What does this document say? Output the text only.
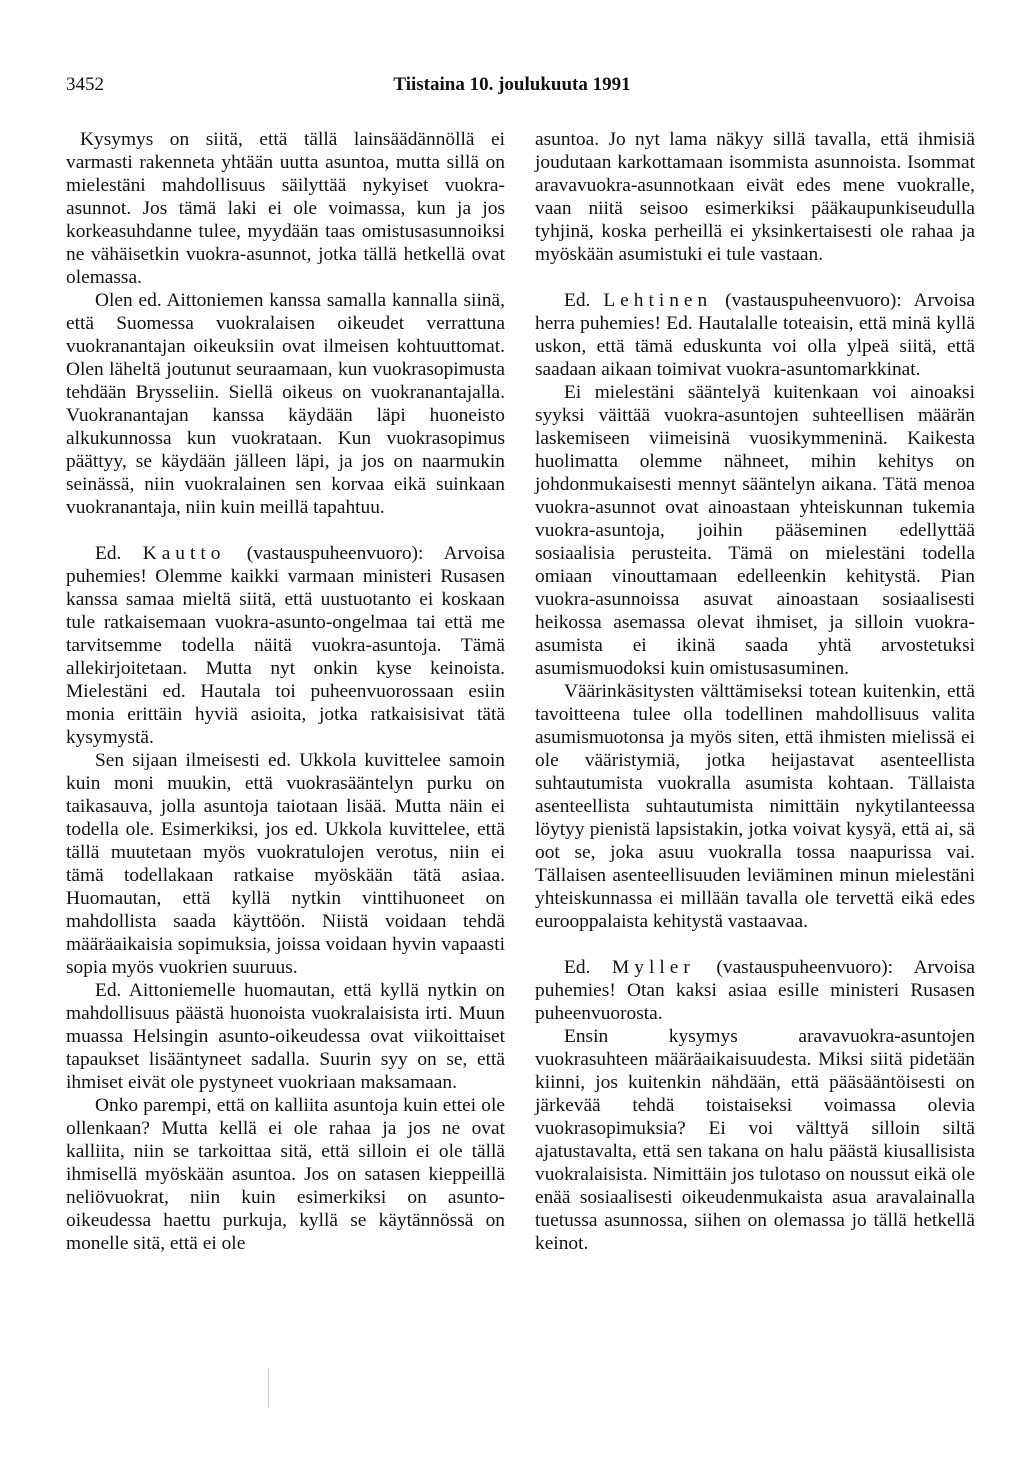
3452	Tiistaina 10. joulukuuta 1991

Kysymys on siitä, että tällä lainsäädännöllä ei varmasti rakenneta yhtään uutta asuntoa, mutta sillä on mielestäni mahdollisuus säilyttää nykyiset vuokra-asunnot. Jos tämä laki ei ole voimassa, kun ja jos korkeasuhdanne tulee, myydään taas omistusasunnoiksi ne vähäisetkin vuokra-asunnot, jotka tällä hetkellä ovat olemassa.

Olen ed. Aittoniemen kanssa samalla kannalla siinä, että Suomessa vuokralaisen oikeudet verrattuna vuokranantajan oikeuksiin ovat ilmeisen kohtuuttomat. Olen läheltä joutunut seuraamaan, kun vuokrasopimusta tehdään Brysseliin. Siellä oikeus on vuokranantajalla. Vuokranantajan kanssa käydään läpi huoneisto alkukunnossa kun vuokrataan. Kun vuokrasopimus päättyy, se käydään jälleen läpi, ja jos on naarmukin seinässä, niin vuokralainen sen korvaa eikä suinkaan vuokranantaja, niin kuin meillä tapahtuu.

Ed. Kautto (vastauspuheenvuoro): Arvoisa puhemies! Olemme kaikki varmaan ministeri Rusasen kanssa samaa mieltä siitä, että uustuotanto ei koskaan tule ratkaisemaan vuokra-asunto-ongelmaa tai että me tarvitsemme todella näitä vuokra-asuntoja. Tämä allekirjoitetaan. Mutta nyt onkin kyse keinoista. Mielestäni ed. Hautala toi puheenvuorossaan esiin monia erittäin hyviä asioita, jotka ratkaisisivat tätä kysymystä.

Sen sijaan ilmeisesti ed. Ukkola kuvittelee samoin kuin moni muukin, että vuokrasääntelyn purku on taikasauva, jolla asuntoja taiotaan lisää. Mutta näin ei todella ole. Esimerkiksi, jos ed. Ukkola kuvittelee, että tällä muutetaan myös vuokratulojen verotus, niin ei tämä todellakaan ratkaise myöskään tätä asiaa. Huomautan, että kyllä nytkin vinttihuoneet on mahdollista saada käyttöön. Niistä voidaan tehdä määräaikaisia sopimuksia, joissa voidaan hyvin vapaasti sopia myös vuokrien suuruus.

Ed. Aittoniemelle huomautan, että kyllä nytkin on mahdollisuus päästä huonoista vuokralaisista irti. Muun muassa Helsingin asunto-oikeudessa ovat viikoittaiset tapaukset lisääntyneet sadalla. Suurin syy on se, että ihmiset eivät ole pystyneet vuokriaan maksamaan.

Onko parempi, että on kalliita asuntoja kuin ettei ole ollenkaan? Mutta kellä ei ole rahaa ja jos ne ovat kalliita, niin se tarkoittaa sitä, että silloin ei ole tällä ihmisellä myöskään asuntoa. Jos on satasen kieppeillä neliövuokrat, niin kuin esimerkiksi on asunto-oikeudessa haettu purkuja, kyllä se käytännössä on monelle sitä, että ei ole

asuntoa. Jo nyt lama näkyy sillä tavalla, että ihmisiä joudutaan karkottamaan isommista asunnoista. Isommat aravavuokra-asunnotkaan eivät edes mene vuokralle, vaan niitä seisoo esimerkiksi pääkaupunkiseudulla tyhjinä, koska perheillä ei yksinkertaisesti ole rahaa ja myöskään asumistuki ei tule vastaan.

Ed. Lehtinen (vastauspuheenvuoro): Arvoisa herra puhemies! Ed. Hautalalle toteaisin, että minä kyllä uskon, että tämä eduskunta voi olla ylpeä siitä, että saadaan aikaan toimivat vuokra-asuntomarkkinat.

Ei mielestäni sääntelyä kuitenkaan voi ainoaksi syyksi väittää vuokra-asuntojen suhteellisen määrän laskemiseen viimeisinä vuosikymmeninä. Kaikesta huolimatta olemme nähneet, mihin kehitys on johdonmukaisesti mennyt sääntelyn aikana. Tätä menoa vuokra-asunnot ovat ainoastaan yhteiskunnan tukemia vuokra-asuntoja, joihin pääseminen edellyttää sosiaalisia perusteita. Tämä on mielestäni todella omiaan vinouttamaan edelleenkin kehitystä. Pian vuokra-asunnoissa asuvat ainoastaan sosiaalisesti heikossa asemassa olevat ihmiset, ja silloin vuokra-asumista ei ikinä saada yhtä arvostetuksi asumismuodoksi kuin omistusasuminen.

Väärinkäsitysten välttämiseksi totean kuitenkin, että tavoitteena tulee olla todellinen mahdollisuus valita asumismuotonsa ja myös siten, että ihmisten mielissä ei ole vääristymiä, jotka heijastavat asenteellista suhtautumista vuokralla asumista kohtaan. Tällaista asenteellista suhtautumista nimittäin nykytilanteessa löytyy pienistä lapsistakin, jotka voivat kysyä, että ai, sä oot se, joka asuu vuokralla tossa naapurissa vai. Tällaisen asenteellisuuden leviäminen minun mielestäni yhteiskunnassa ei millään tavalla ole tervettä eikä edes eurooppalaista kehitystä vastaavaa.

Ed. Myller (vastauspuheenvuoro): Arvoisa puhemies! Otan kaksi asiaa esille ministeri Rusasen puheenvuorosta.

Ensin kysymys aravavuokra-asuntojen vuokrasuhteen määräaikaisuudesta. Miksi siitä pidetään kiinni, jos kuitenkin nähdään, että pääsääntöisesti on järkevää tehdä toistaiseksi voimassa olevia vuokrasopimuksia? Ei voi välttyä silloin siltä ajatustavalta, että sen takana on halu päästä kiusallisista vuokralaisista. Nimittäin jos tulotaso on noussut eikä ole enää sosiaalisesti oikeudenmukaista asua aravalainalla tuetussa asunnossa, siihen on olemassa jo tällä hetkellä keinot.
